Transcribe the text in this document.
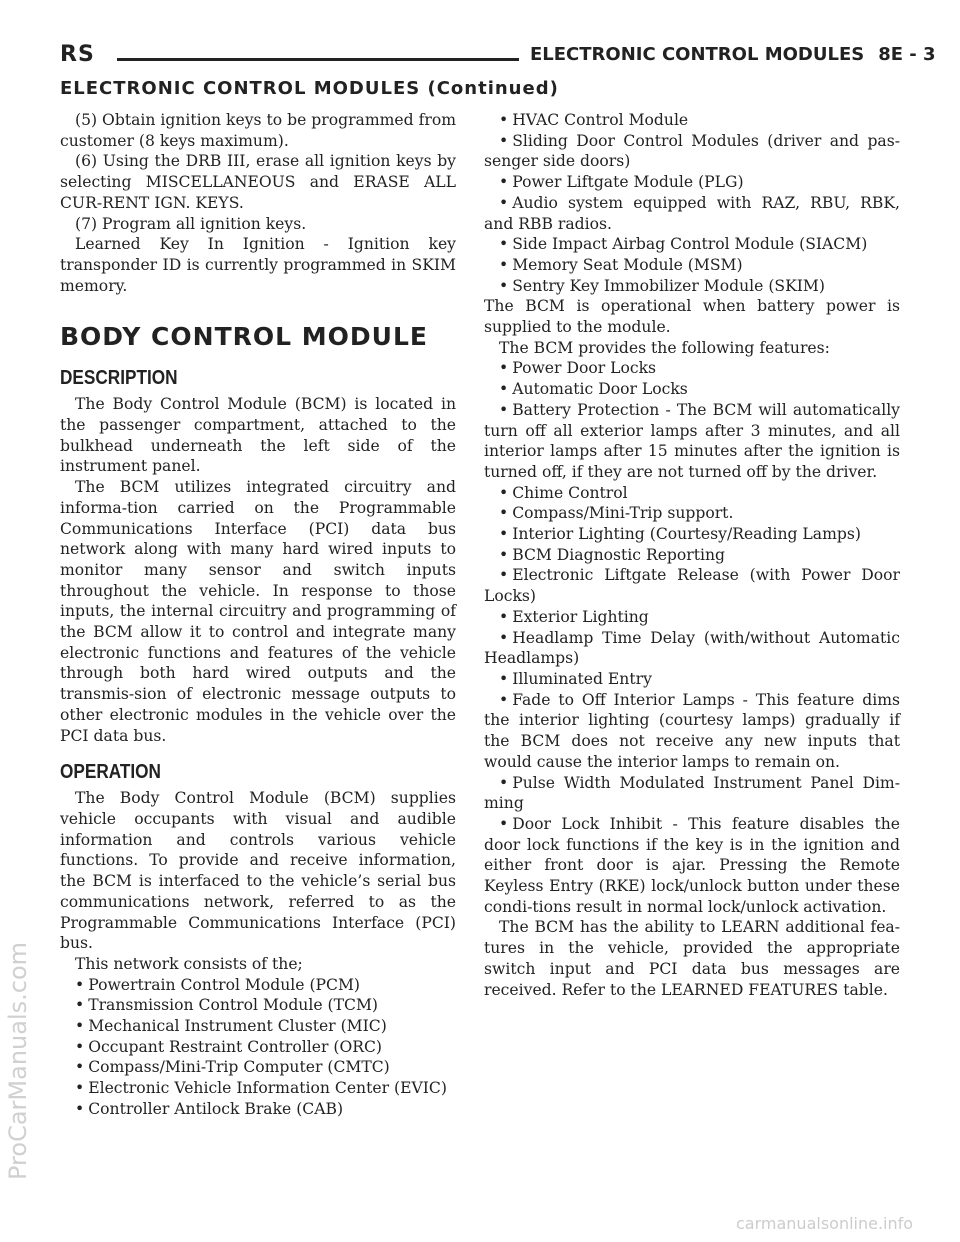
RS	ELECTRONIC CONTROL MODULES 8E - 3
ELECTRONIC CONTROL MODULES (Continued)

(5) Obtain ignition keys to be programmed from customer (8 keys maximum).

(6) Using the DRB III, erase all ignition keys by selecting MISCELLANEOUS and ERASE ALL CUR-RENT IGN. KEYS.

(7) Program all ignition keys.

Learned Key In Ignition - Ignition key transponder ID is currently programmed in SKIM memory.

BODY CONTROL MODULE
DESCRIPTION

The Body Control Module (BCM) is located in the passenger compartment, attached to the bulkhead underneath the left side of the instrument panel.

The BCM utilizes integrated circuitry and informa-tion carried on the Programmable Communications Interface (PCI) data bus network along with many hard wired inputs to monitor many sensor and switch inputs throughout the vehicle. In response to those inputs, the internal circuitry and programming of the BCM allow it to control and integrate many electronic functions and features of the vehicle through both hard wired outputs and the transmis-sion of electronic message outputs to other electronic modules in the vehicle over the PCI data bus.

OPERATION

The Body Control Module (BCM) supplies vehicle occupants with visual and audible information and controls various vehicle functions. To provide and receive information, the BCM is interfaced to the vehicle’s serial bus communications network, referred to as the Programmable Communications Interface (PCI) bus.

This network consists of the;

• Powertrain Control Module (PCM)

• Transmission Control Module (TCM)

• Mechanical Instrument Cluster (MIC)

• Occupant Restraint Controller (ORC)

• Compass/Mini-Trip Computer (CMTC)

• Electronic Vehicle Information Center (EVIC)

• Controller Antilock Brake (CAB)

• HVAC Control Module

• Sliding Door Control Modules (driver and pas-senger side doors)

• Power Liftgate Module (PLG)

• Audio system equipped with RAZ, RBU, RBK, and RBB radios.

• Side Impact Airbag Control Module (SIACM)

• Memory Seat Module (MSM)

• Sentry Key Immobilizer Module (SKIM)

The BCM is operational when battery power is supplied to the module.

The BCM provides the following features:

• Power Door Locks

• Automatic Door Locks

• Battery Protection - The BCM will automatically turn off all exterior lamps after 3 minutes, and all interior lamps after 15 minutes after the ignition is turned off, if they are not turned off by the driver.

• Chime Control

• Compass/Mini-Trip support.

• Interior Lighting (Courtesy/Reading Lamps)

• BCM Diagnostic Reporting

• Electronic Liftgate Release (with Power Door Locks)

• Exterior Lighting

• Headlamp Time Delay (with/without Automatic Headlamps)

• Illuminated Entry

• Fade to Off Interior Lamps - This feature dims the interior lighting (courtesy lamps) gradually if the BCM does not receive any new inputs that would cause the interior lamps to remain on.

• Pulse Width Modulated Instrument Panel Dim-ming

• Door Lock Inhibit - This feature disables the door lock functions if the key is in the ignition and either front door is ajar. Pressing the Remote Keyless Entry (RKE) lock/unlock button under these condi-tions result in normal lock/unlock activation.

The BCM has the ability to LEARN additional fea-tures in the vehicle, provided the appropriate switch input and PCI data bus messages are received. Refer to the LEARNED FEATURES table.

ProCarManuals.com
carmanualsonline.info
